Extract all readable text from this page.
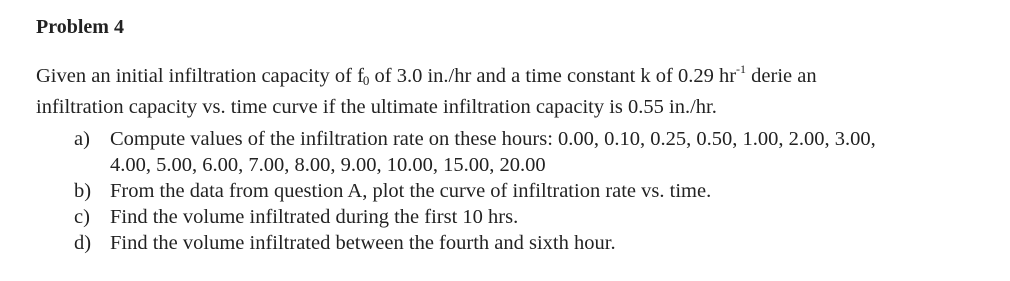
Problem 4
Given an initial infiltration capacity of $f_0$ of 3.0 in./hr and a time constant k of 0.29 $hr^{-1}$ derie an
infiltration capacity vs. time curve if the ultimate infiltration capacity is 0.55 in./hr.
a) Compute values of the infiltration rate on these hours: 0.00, 0.10, 0.25, 0.50, 1.00, 2.00, 3.00,
4.00, 5.00, 6.00, 7.00, 8.00, 9.00, 10.00, 15.00, 20.00
b) From the data from question A, plot the curve of infiltration rate vs. time.
c) Find the volume infiltrated during the first 10 hrs.
d) Find the volume infiltrated between the fourth and sixth hour.
